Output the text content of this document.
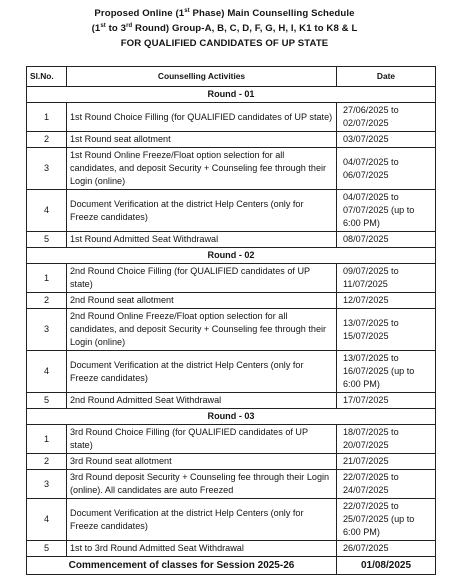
Proposed Online (1st Phase) Main Counselling Schedule
(1st to 3rd Round) Group-A, B, C, D, F, G, H, I, K1 to K8 & L
FOR QUALIFIED CANDIDATES OF UP STATE
Sl.No.	Counselling Activities	Date
Round - 01		
1	1st Round Choice Filling (for QUALIFIED candidates of UP state)	27/06/2025 to 02/07/2025
2	1st Round seat allotment	03/07/2025
3	1st Round Online Freeze/Float option selection for all candidates, and deposit Security + Counseling fee through their Login (online)	04/07/2025 to 06/07/2025
4	Document Verification at the district Help Centers (only for Freeze candidates)	04/07/2025 to 07/07/2025 (up to 6:00 PM)
5	1st Round Admitted Seat Withdrawal	08/07/2025
Round - 02		
1	2nd Round Choice Filling (for QUALIFIED candidates of UP state)	09/07/2025 to 11/07/2025
2	2nd Round seat allotment	12/07/2025
3	2nd Round Online Freeze/Float option selection for all candidates, and deposit Security + Counseling fee through their Login (online)	13/07/2025 to 15/07/2025
4	Document Verification at the district Help Centers (only for Freeze candidates)	13/07/2025 to 16/07/2025 (up to 6:00 PM)
5	2nd Round Admitted Seat Withdrawal	17/07/2025
Round - 03		
1	3rd Round Choice Filling (for QUALIFIED candidates of UP state)	18/07/2025 to 20/07/2025
2	3rd Round seat allotment	21/07/2025
3	3rd Round deposit Security + Counseling fee through their Login (online). All candidates are auto Freezed	22/07/2025 to 24/07/2025
4	Document Verification at the district Help Centers (only for Freeze candidates)	22/07/2025 to 25/07/2025 (up to 6:00 PM)
5	1st to 3rd Round Admitted Seat Withdrawal	26/07/2025
Commencement of classes for Session 2025-26		01/08/2025
